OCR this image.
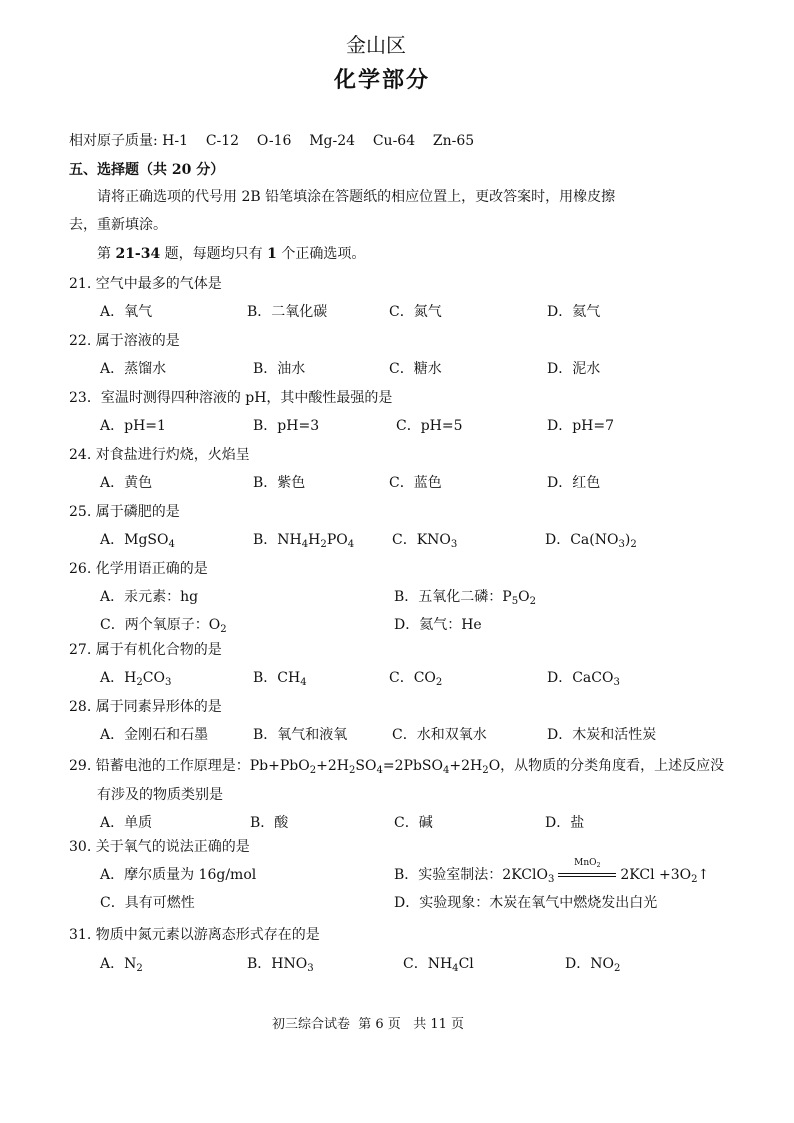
金山区
化学部分
相对原子质量: H-1    C-12    O-16    Mg-24    Cu-64    Zn-65
五、选择题（共 20 分）
请将正确选项的代号用 2B 铅笔填涂在答题纸的相应位置上，更改答案时，用橡皮擦
去，重新填涂。
第 21-34 题，每题均只有 1 个正确选项。
21. 空气中最多的气体是
A．氧气	B．二氧化碳	C．氮气	D．氦气
22. 属于溶液的是
A．蒸馏水	B．油水	C．糖水	D．泥水
23．室温时测得四种溶液的 pH，其中酸性最强的是
A．pH=1	B．pH=3	C．pH=5	D．pH=7
24. 对食盐进行灼烧，火焰呈
A．黄色	B．紫色	C．蓝色	D．红色
25. 属于磷肥的是
A．MgSO$_4$	B．$NH_4H_2PO_4$	C．$KNO_3$	D．$Ca(NO_3)_2$
26. 化学用语正确的是
A．汞元素：hg	B．五氧化二磷：$P_5O_2$
C．两个氧原子：$O_2$	D．氦气：He
27. 属于有机化合物的是
A．$H_2CO_3$	B．$CH_4$	C．$CO_2$	D．CaCO$_3$
28. 属于同素异形体的是
A．金刚石和石墨	B．氧气和液氧	C．水和双氧水	D．木炭和活性炭
29. 铅蓄电池的工作原理是：$Pb+PbO_2+2H_2SO_4=2PbSO_4+2H_2O$，从物质的分类角度看，上述反应没
有涉及的物质类别是
A．单质	B．酸	C．碱	D．盐
30. 关于氧气的说法正确的是
A．摩尔质量为 16g/mol	B．实验室制法：2KClO$_3$
MnO$_2$
$2KCl +3O_2↑$
C．具有可燃性	D．实验现象：木炭在氧气中燃烧发出白光
31. 物质中氮元素以游离态形式存在的是
A．$N_2$	B．$HNO_3$	C．$NH_4Cl$	D．$NO_2$
初三综合试卷  第 6 页   共 11 页
